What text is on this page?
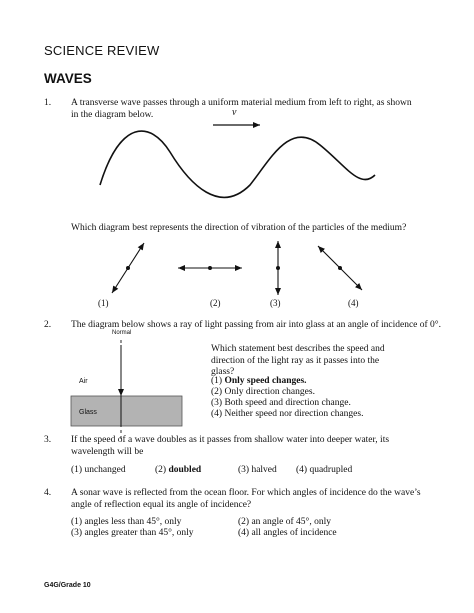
SCIENCE REVIEW
WAVES
1. A transverse wave passes through a uniform material medium from left to right, as shown in the diagram below.	v
Which diagram best represents the direction of vibration of the particles of the medium?
(1)	(2)	(3)	(4)
2. The diagram below shows a ray of light passing from air into glass at an angle of incidence of 0°.
Normal
Air
Glass
Which statement best describes the speed and direction of the light ray as it passes into the glass?
(1) Only speed changes.
(2) Only direction changes.
(3) Both speed and direction change.
(4) Neither speed nor direction changes.
3. If the speed of a wave doubles as it passes from shallow water into deeper water, its wavelength will be
(1) unchanged	(2) doubled	(3) halved (4) quadrupled
4. A sonar wave is reflected from the ocean floor. For which angles of incidence do the wave’s angle of reflection equal its angle of incidence?
(1) angles less than 45°, only	(2) an angle of 45°, only
(3) angles greater than 45°, only	(4) all angles of incidence
G4G/Grade 10
